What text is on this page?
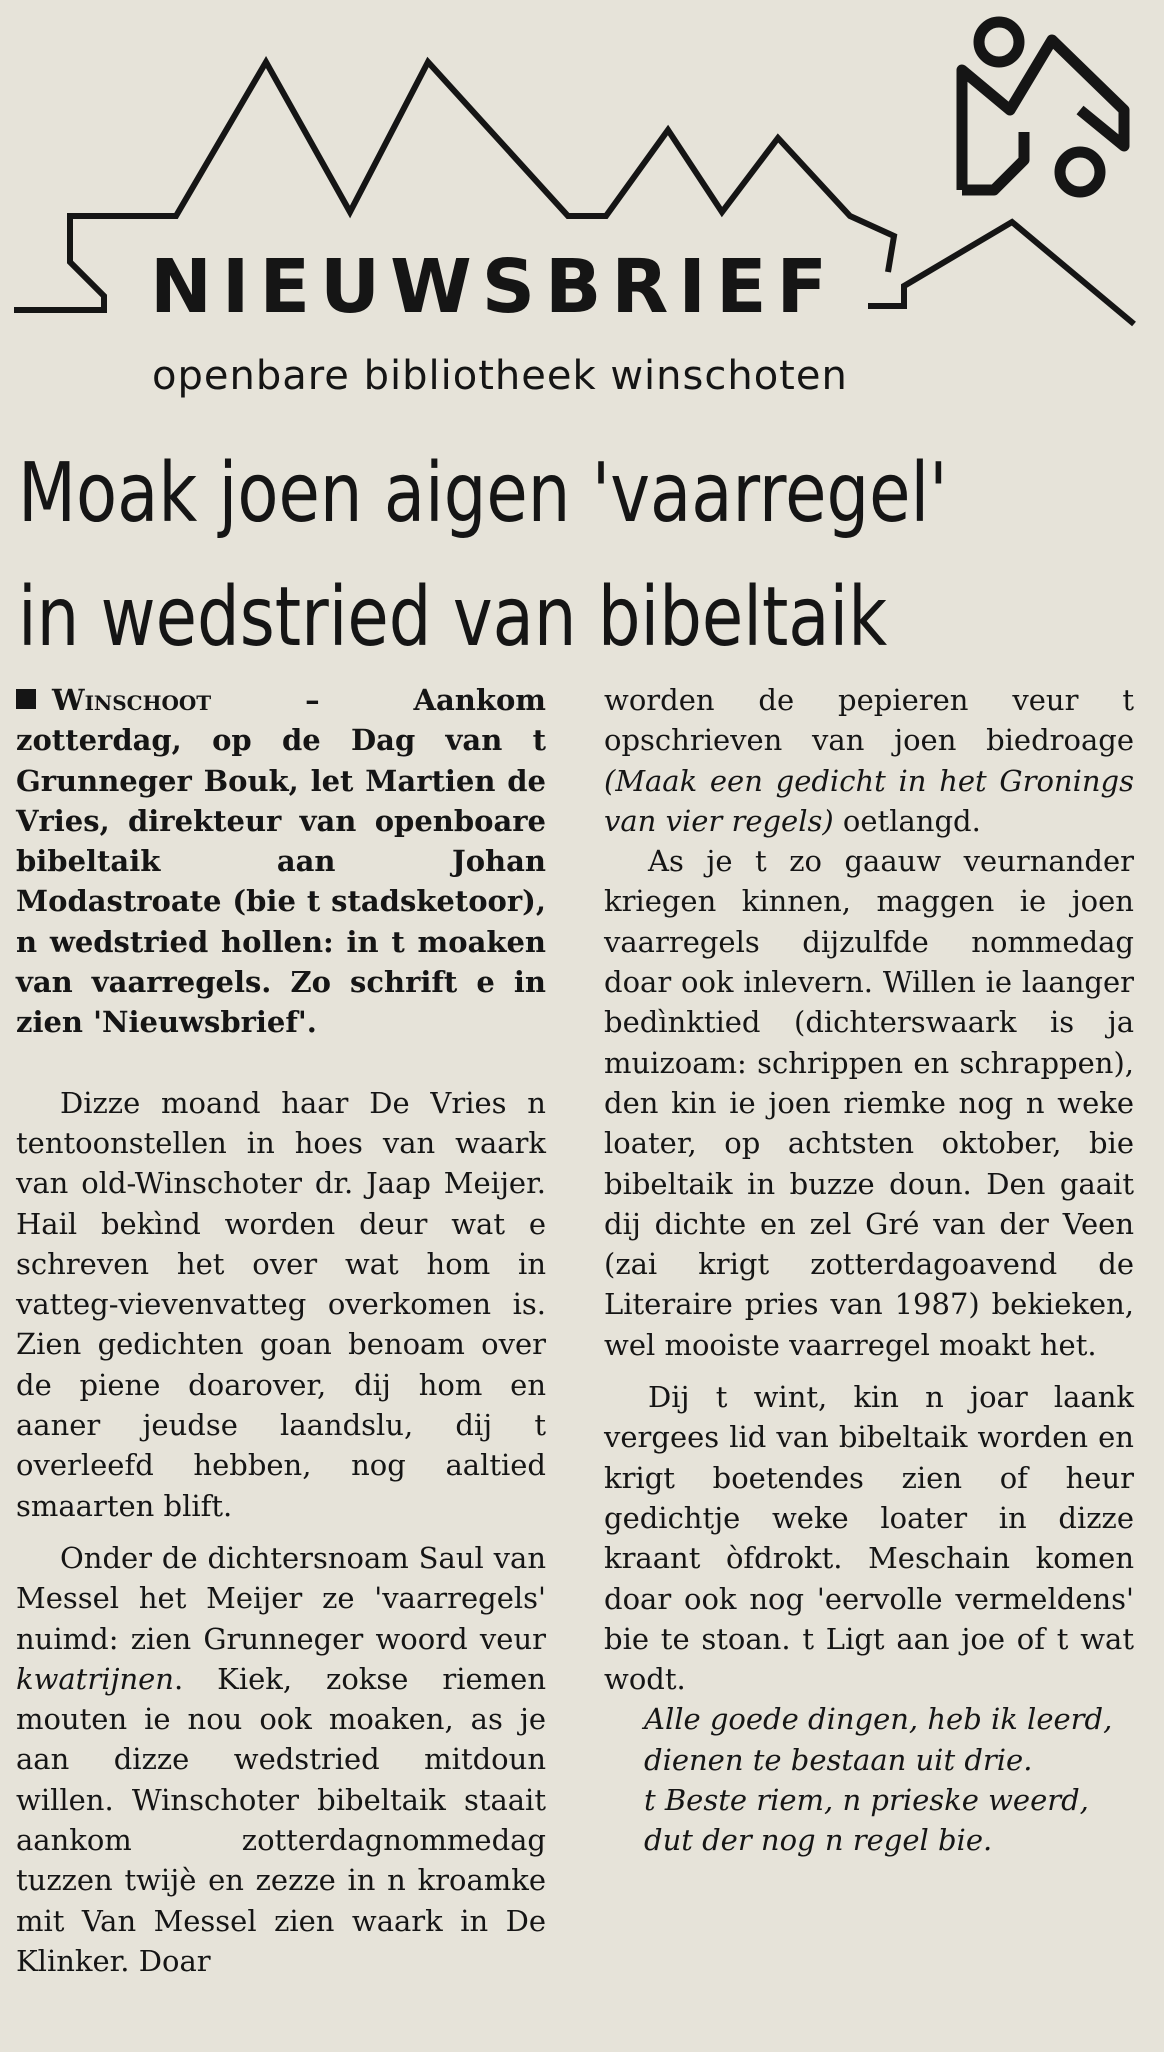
NIEUWSBRIEF
openbare bibliotheek winschoten
Moak joen aigen 'vaarregel'
in wedstried van bibeltaik

Winschoot – Aankom zotterdag, op de Dag van t Grunneger Bouk, let Martien de Vries, direkteur van openboare bibeltaik aan Johan Modastroate (bie t stadsketoor), n wedstried hollen: in t moaken van vaarregels. Zo schrift e in zien 'Nieuwsbrief'.

Dizze moand haar De Vries n tentoonstellen in hoes van waark van old-Winschoter dr. Jaap Meijer. Hail bekìnd worden deur wat e schreven het over wat hom in vatteg-vievenvatteg overkomen is. Zien gedichten goan benoam over de piene doarover, dij hom en aaner jeudse laandslu, dij t overleefd hebben, nog aaltied smaarten blift.

Onder de dichtersnoam Saul van Messel het Meijer ze 'vaarregels' nuimd: zien Grunneger woord veur kwatrijnen. Kiek, zokse riemen mouten ie nou ook moaken, as je aan dizze wedstried mitdoun willen. Winschoter bibeltaik staait aankom zotterdagnommedag tuzzen twijè en zezze in n kroamke mit Van Messel zien waark in De Klinker. Doar

worden de pepieren veur t opschrieven van joen biedroage (Maak een gedicht in het Gronings van vier regels) oetlangd.

As je t zo gaauw veurnander kriegen kinnen, maggen ie joen vaarregels dijzulfde nommedag doar ook inlevern. Willen ie laanger bedìnktied (dichterswaark is ja muizoam: schrippen en schrappen), den kin ie joen riemke nog n weke loater, op achtsten oktober, bie bibeltaik in buzze doun. Den gaait dij dichte en zel Gré van der Veen (zai krigt zotterdagoavend de Literaire pries van 1987) bekieken, wel mooiste vaarregel moakt het.

Dij t wint, kin n joar laank vergees lid van bibeltaik worden en krigt boetendes zien of heur gedichtje weke loater in dizze kraant òfdrokt. Meschain komen doar ook nog 'eervolle vermeldens' bie te stoan. t Ligt aan joe of t wat wodt.

Alle goede dingen, heb ik leerd,

dienen te bestaan uit drie.

t Beste riem, n prieske weerd,

dut der nog n regel bie.
